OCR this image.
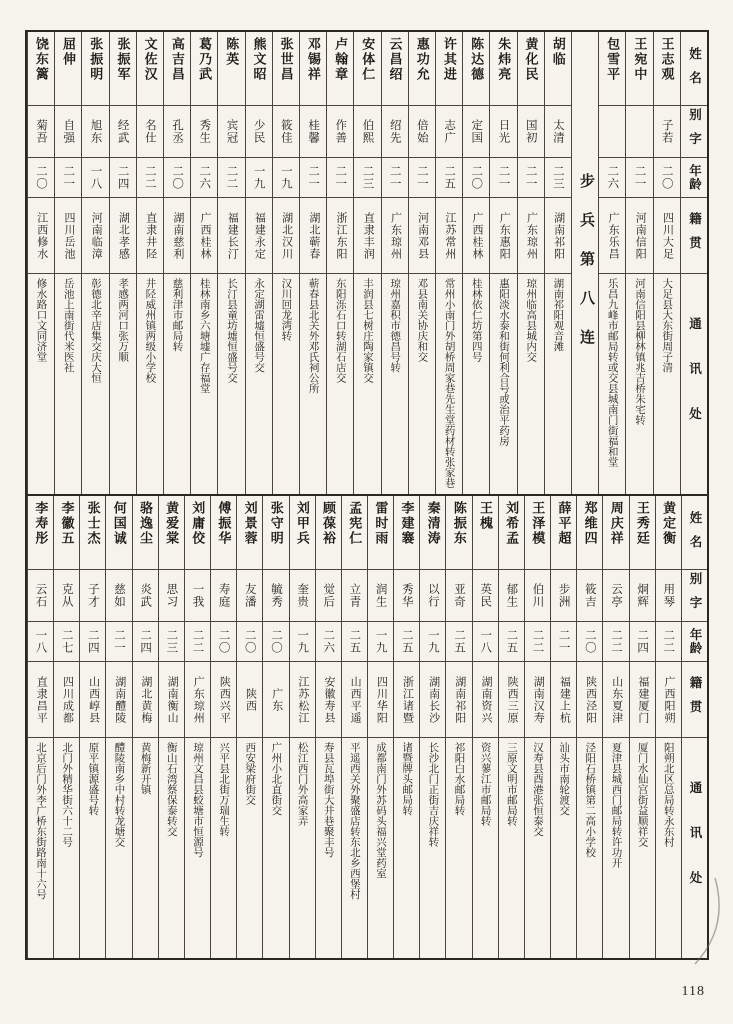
姓名
别字
年龄
籍贯
通讯处
王志观
子若
二〇
四川大足
大足县大东街周子清
王宛中
二一
河南信阳
河南信阳县柳林镇兆吉桥朱宅转
包雪平
二六
广东乐昌
乐昌九峰市邮局转或交县城南门街福和堂
步兵第八连
胡临
太清
二三
湖南祁阳
湖南祁阳观音滩
黄化民
国初
二一
广东琼州
琼州临高县城内交
朱炜亮
日光
二一
广东惠阳
惠阳淡水泰和街何利合号或治平药房
陈达德
定国
二〇
广西桂林
桂林依仁坊第四号
许其进
志广
二五
江苏常州
常州小南门外胡桥周家巷先生堂药材转张家巷
惠功允
倍始
二一
河南邓县
邓县南关协庆和交
云昌绍
绍先
二一
广东琼州
琼州嘉积市德昌号转
安体仁
伯熙
二三
直隶丰润
丰润县七树庄陶家镇交
卢翰章
作善
二一
浙江东阳
东阳泺石口转湖石店交
邓锡祥
桂馨
二一
湖北蕲春
蕲春县北关外邓氏祠公所
张世昌
筱佳
一九
湖北汉川
汉川回龙湾转
熊文昭
少民
一九
福建永定
永定湖雷墟恒盛号交
陈英
宾冠
二二
福建长汀
长汀县童坊墟恒盛号交
葛乃武
秀生
二六
广西桂林
桂林南乡六塘墟广存福堂
高吉昌
孔丞
二〇
湖南慈利
慈利津市邮局转
文佐汉
名仕
二二
直隶井陉
井陉威州镇两级小学校
张振军
经武
二四
湖北孝感
孝感两河口张万顺
张振明
旭东
一八
河南临漳
彰德北辛店集交庆大恒
屈伸
自强
二一
四川岳池
岳池上南街代米医社
饶东篱
菊吾
二〇
江西修水
修水路口文同济堂
姓名
别字
年龄
籍贯
通讯处
黄定衡
用琴
二二
广西阳朔
阳朔北区总局转永东村
王秀廷
炯辉
二四
福建厦门
厦门水仙宫街益顺祥交
周庆祥
云亭
二二
山东夏津
夏津县城西门邮局转许功开
郑维四
筱吉
二〇
陕西泾阳
泾阳石桥镇第二高小学校
薛平超
步洲
二一
福建上杭
汕头市南轮渡交
王泽模
伯川
二二
湖南汉寿
汉寿县酉港张恒泰交
刘希孟
郁生
二五
陕西三原
三原文明市邮局转
王槐
英民
一八
湖南资兴
资兴蓼江市邮局转
陈振东
亚奇
二五
湖南祁阳
祁阳白水邮局转
秦清涛
以行
一九
湖南长沙
长沙北门正街吉庆祥转
李建褰
秀华
二五
浙江诸暨
诸暨牌头邮局转
雷时雨
润生
一九
四川华阳
成都南门外苏码头福兴堂药室
孟宪仁
立青
二五
山西平遥
平遥西关外聚盛店转东北乡西堡村
顾葆裕
觉后
二六
安徽寿县
寿县瓦埠街大井巷聚丰号
刘甲兵
奎贵
一九
江苏松江
松江西门外高家弄
张守明
毓秀
二〇
广东
广州小北直街交
刘景蓉
友潘
二〇
陕西
西安梁府街交
傅振华
寿庭
二〇
陕西兴平
兴平县北街万瑞生转
刘庸佼
一我
二二
广东琼州
琼州文昌县蛟塘市恒源号
黄爱棠
思习
二三
湖南衡山
衡山石湾蔡保泰转交
骆逸尘
炎武
二四
湖北黄梅
黄梅新开镇
何国诚
慈如
二一
湖南醴陵
醴陵南乡中村转龙塘交
张士杰
子才
二四
山西崞县
原平镇源盛号转
李徽五
克从
二七
四川成都
北门外精华街六十二号
李寿彤
云石
一八
直隶昌平
北京后门外李广桥东街路南十六号
118
